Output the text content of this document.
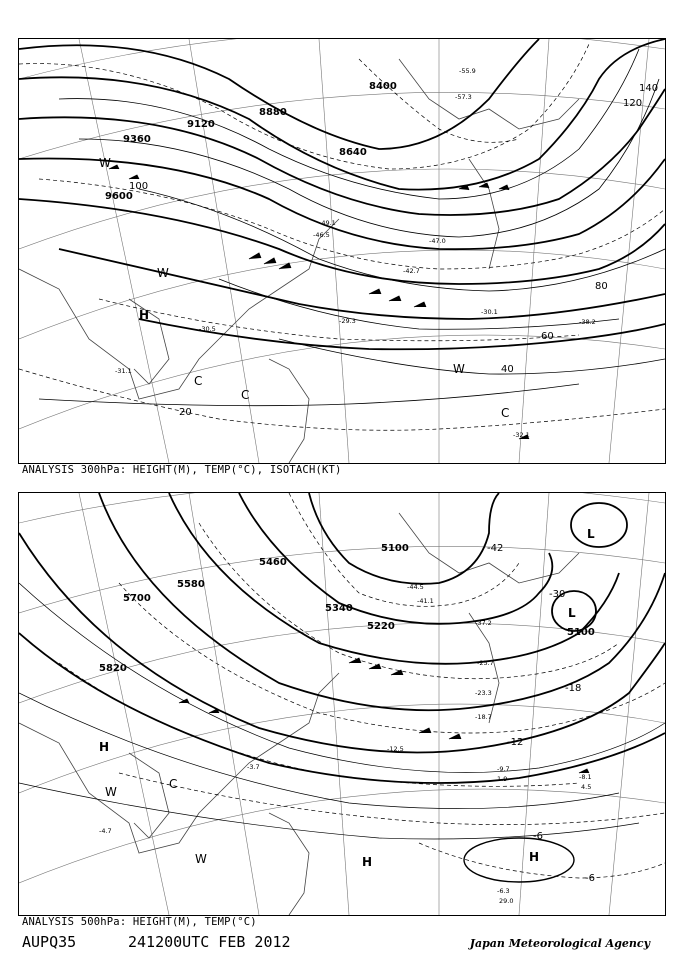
8400
8640
8880
9120
9360
9600
20
40
60
80
100
120
140
H
C
C
C
W
W
W
-55.9
-57.3
-49.1
-46.5
-42.7
-30.1
-32.1
-29.3
-31.1
-30.5
-38.2
-47.0
ANALYSIS 300hPa: HEIGHT(M), TEMP(°C), ISOTACH(KT)
5100
5100
5220
5340
5460
5580
5700
5820
-42
-30
-18
-12
-6
-6
L
L
H
H	H
W
W
C
-44.5
-41.1
-37.2
-25.7
-23.3
-18.7
-12.5
-9.7
-8.1
-6.3
-4.7
-3.7
29.0
4.5
1.9
ANALYSIS 500hPa: HEIGHT(M), TEMP(°C)
AUPQ35	241200UTC FEB 2012	Japan Meteorological Agency
